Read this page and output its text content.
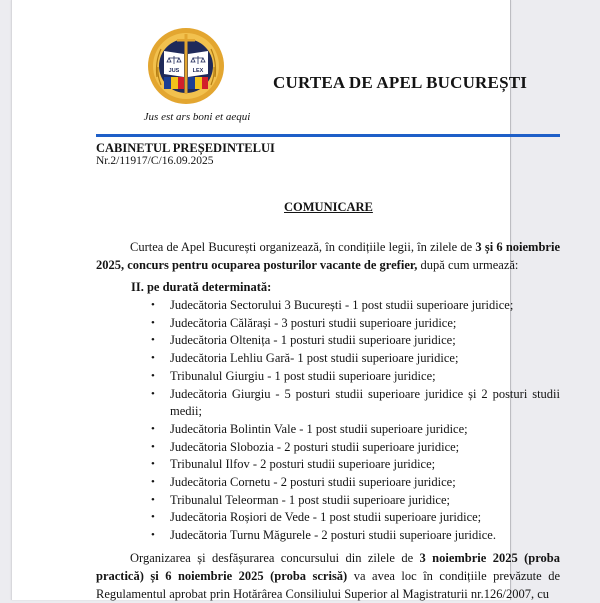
JUS LEX
Jus est ars boni et aequi
CURTEA DE APEL BUCUREȘTI
CABINETUL PREȘEDINTELUI
Nr.2/11917/C/16.09.2025
COMUNICARE
Curtea de Apel București organizează, în condițiile legii, în zilele de 3 și 6 noiembrie 2025, concurs pentru ocuparea posturilor vacante de grefier, după cum urmează:
II. pe durată determinată:
• Judecătoria Sectorului 3 București - 1 post studii superioare juridice;
• Judecătoria Călărași - 3 posturi studii superioare juridice;
• Judecătoria Oltenița - 1 posturi studii superioare juridice;
• Judecătoria Lehliu Gară- 1 post studii superioare juridice;
• Tribunalul Giurgiu - 1 post studii superioare juridice;
• Judecătoria Giurgiu - 5 posturi studii superioare juridice și 2 posturi studii medii;
• Judecătoria Bolintin Vale - 1 post studii superioare juridice;
• Judecătoria Slobozia - 2 posturi studii superioare juridice;
• Tribunalul Ilfov - 2 posturi studii superioare juridice;
• Judecătoria Cornetu - 2 posturi studii superioare juridice;
• Tribunalul Teleorman - 1 post studii superioare juridice;
• Judecătoria Roșiori de Vede - 1 post studii superioare juridice;
• Judecătoria Turnu Măgurele - 2 posturi studii superioare juridice.
Organizarea și desfășurarea concursului din zilele de 3 noiembrie 2025 (proba practică) și 6 noiembrie 2025 (proba scrisă) va avea loc în condițiile prevăzute de Regulamentul aprobat prin Hotărârea Consiliului Superior al Magistraturii nr.126/2007, cu
